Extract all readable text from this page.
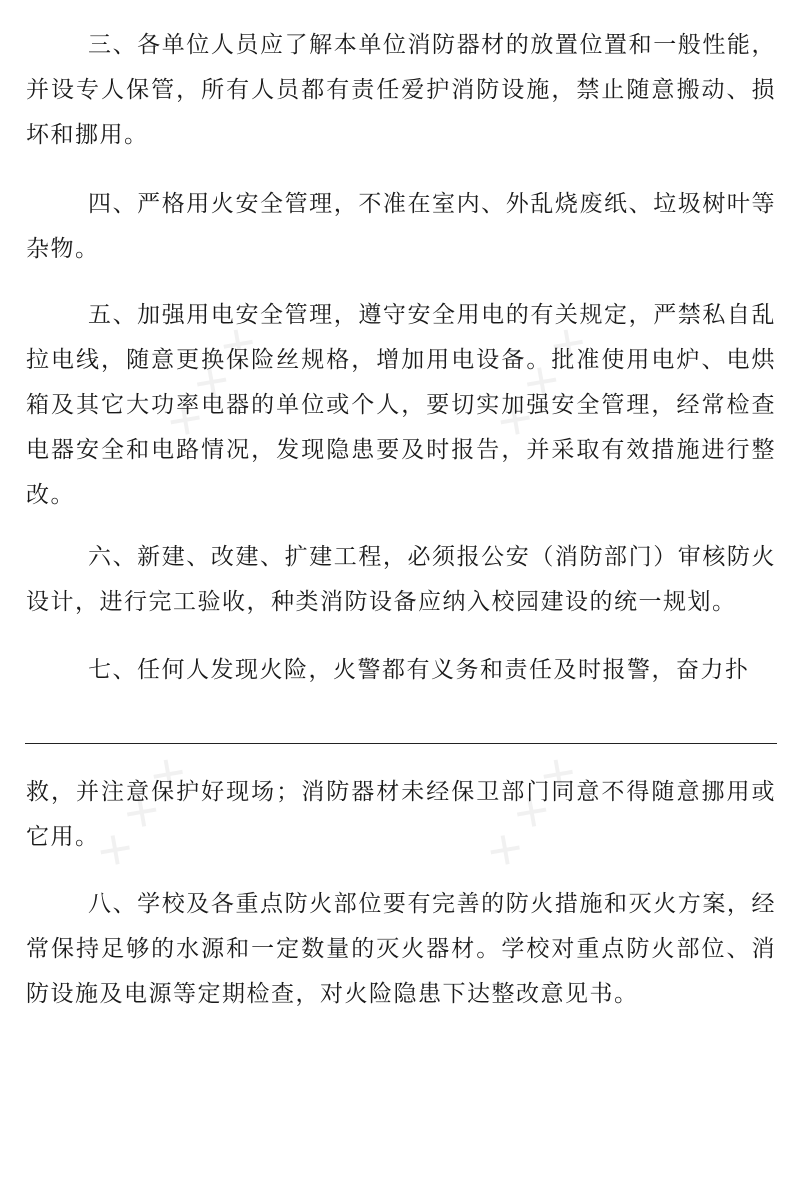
✕ ✕ ✕	✕ ✕ ✕
✕ ✕ ✕	✕ ✕ ✕

三、各单位人员应了解本单位消防器材的放置位置和一般性能，并设专人保管，所有人员都有责任爱护消防设施，禁止随意搬动、损坏和挪用。

四、严格用火安全管理，不准在室内、外乱烧废纸、垃圾树叶等杂物。

五、加强用电安全管理，遵守安全用电的有关规定，严禁私自乱拉电线，随意更换保险丝规格，增加用电设备。批准使用电炉、电烘箱及其它大功率电器的单位或个人，要切实加强安全管理，经常检查电器安全和电路情况，发现隐患要及时报告，并采取有效措施进行整改。

六、新建、改建、扩建工程，必须报公安（消防部门）审核防火设计，进行完工验收，种类消防设备应纳入校园建设的统一规划。

七、任何人发现火险，火警都有义务和责任及时报警，奋力扑

救，并注意保护好现场；消防器材未经保卫部门同意不得随意挪用或它用。

八、学校及各重点防火部位要有完善的防火措施和灭火方案，经常保持足够的水源和一定数量的灭火器材。学校对重点防火部位、消防设施及电源等定期检查，对火险隐患下达整改意见书。
